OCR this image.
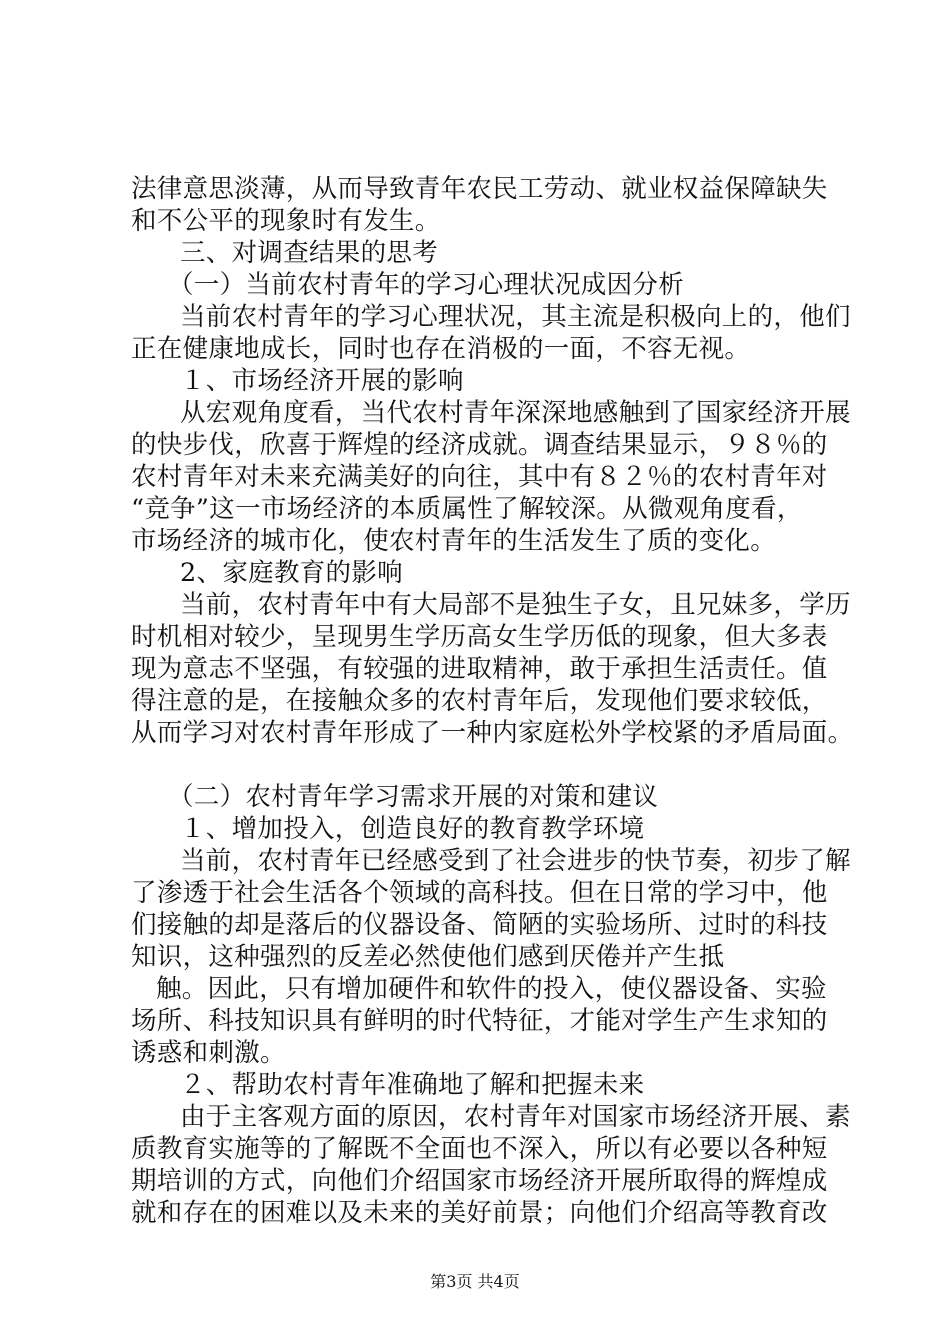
法律意思淡薄，从而导致青年农民工劳动、就业权益保障缺失
和不公平的现象时有发生。
三、对调查结果的思考
（一）当前农村青年的学习心理状况成因分析
当前农村青年的学习心理状况，其主流是积极向上的，他们
正在健康地成长，同时也存在消极的一面，不容无视。
１、市场经济开展的影响
从宏观角度看，当代农村青年深深地感触到了国家经济开展
的快步伐，欣喜于辉煌的经济成就。调查结果显示，９８％的
农村青年对未来充满美好的向往，其中有８２％的农村青年对
“竞争”这一市场经济的本质属性了解较深。从微观角度看，
市场经济的城市化，使农村青年的生活发生了质的变化。
2、家庭教育的影响
当前，农村青年中有大局部不是独生子女，且兄妹多，学历
时机相对较少，呈现男生学历高女生学历低的现象，但大多表
现为意志不坚强，有较强的进取精神，敢于承担生活责任。值
得注意的是，在接触众多的农村青年后，发现他们要求较低，
从而学习对农村青年形成了一种内家庭松外学校紧的矛盾局面。
（二）农村青年学习需求开展的对策和建议
１、增加投入，创造良好的教育教学环境
当前，农村青年已经感受到了社会进步的快节奏，初步了解
了渗透于社会生活各个领域的高科技。但在日常的学习中，他
们接触的却是落后的仪器设备、简陋的实验场所、过时的科技
知识，这种强烈的反差必然使他们感到厌倦并产生抵
触。因此，只有增加硬件和软件的投入，使仪器设备、实验
场所、科技知识具有鲜明的时代特征，才能对学生产生求知的
诱惑和刺激。
２、帮助农村青年准确地了解和把握未来
由于主客观方面的原因，农村青年对国家市场经济开展、素
质教育实施等的了解既不全面也不深入，所以有必要以各种短
期培训的方式，向他们介绍国家市场经济开展所取得的辉煌成
就和存在的困难以及未来的美好前景；向他们介绍高等教育改
第3页 共4页
